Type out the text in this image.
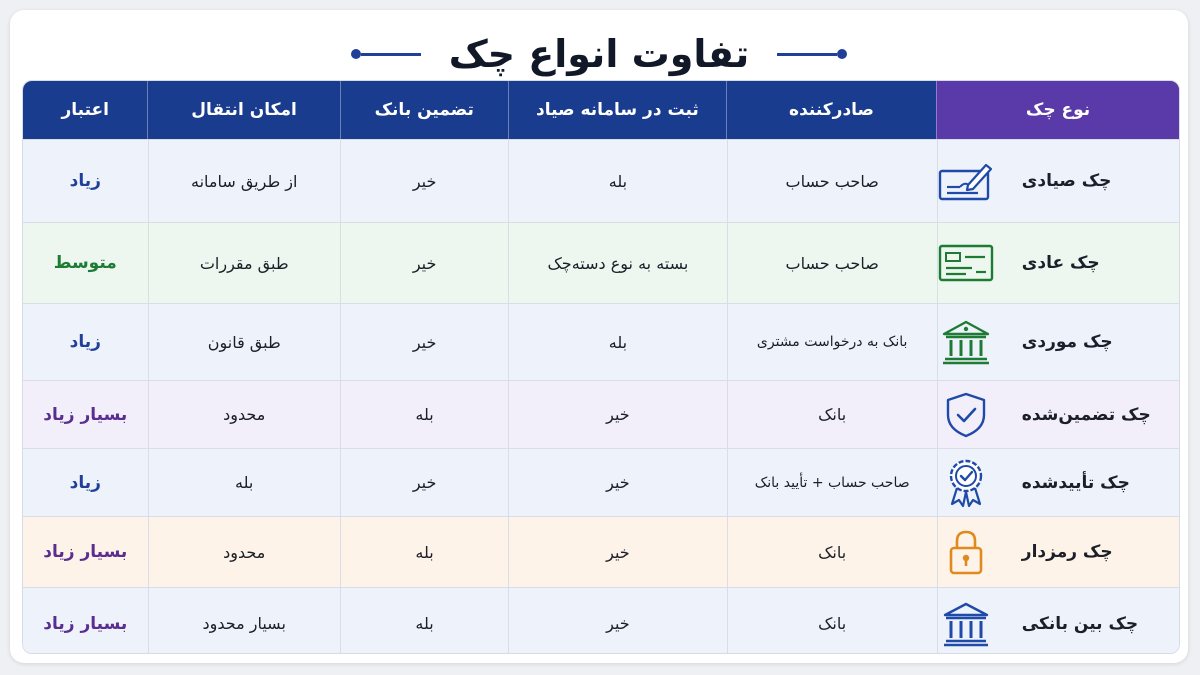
تفاوت انواع چک
نوع چک
صادرکننده
ثبت در سامانه صیاد
تضمین بانک
امکان انتقال
اعتبار
چک صیادی
صاحب حساب
بله
خیر
از طریق سامانه
زیاد
چک عادی
صاحب حساب
بسته به نوع دسته‌چک
خیر
طبق مقررات
متوسط
چک موردی
بانک به درخواست مشتری
بله
خیر
طبق قانون
زیاد
چک تضمین‌شده
بانک
خیر
بله
محدود
بسیار زیاد
چک تأییدشده
صاحب حساب + تأیید بانک
خیر
خیر
بله
زیاد
چک رمزدار
بانک
خیر
بله
محدود
بسیار زیاد
چک بین بانکی
بانک
خیر
بله
بسیار محدود
بسیار زیاد
